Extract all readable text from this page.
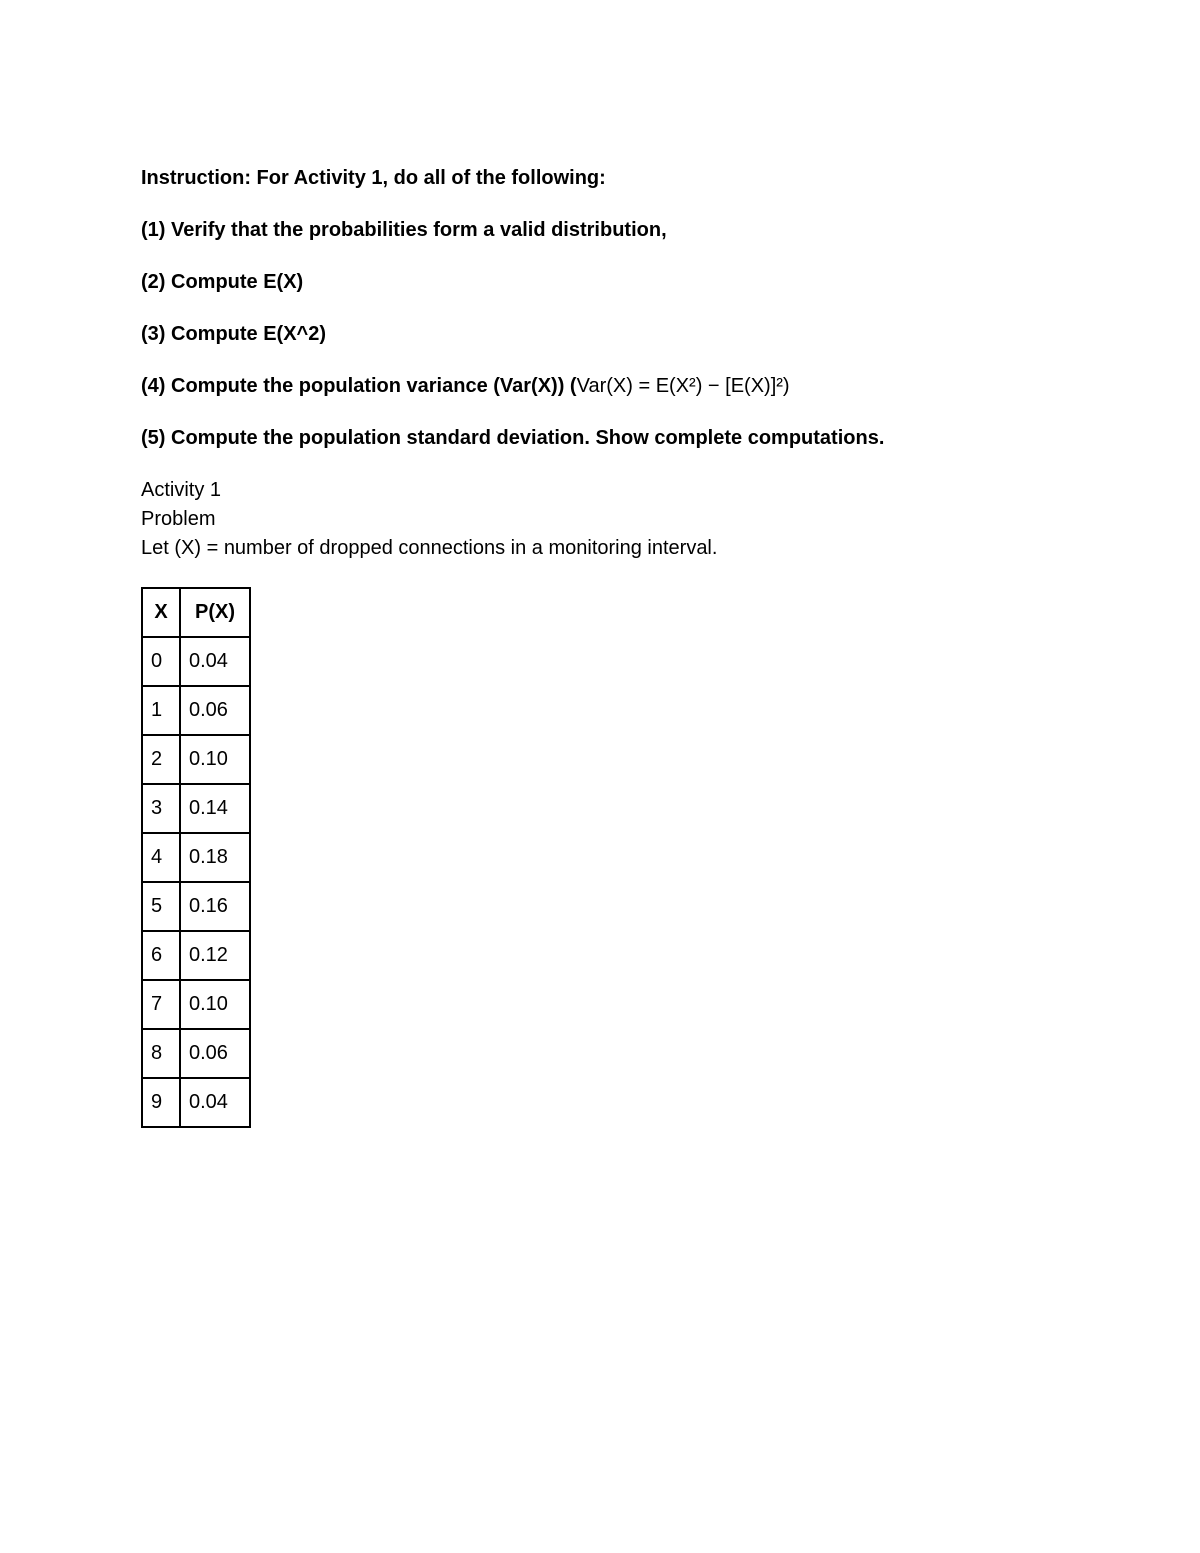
Instruction: For Activity 1, do all of the following:

(1) Verify that the probabilities form a valid distribution,

(2) Compute E(X)

(3) Compute E(X^2)

(4) Compute the population variance (Var(X)) (Var(X) = E(X²) − [E(X)]²)

(5) Compute the population standard deviation. Show complete computations.

Activity 1

Problem

Let (X) = number of dropped connections in a monitoring interval.

X	P(X)
0	0.04
1	0.06
2	0.10
3	0.14
4	0.18
5	0.16
6	0.12
7	0.10
8	0.06
9	0.04
